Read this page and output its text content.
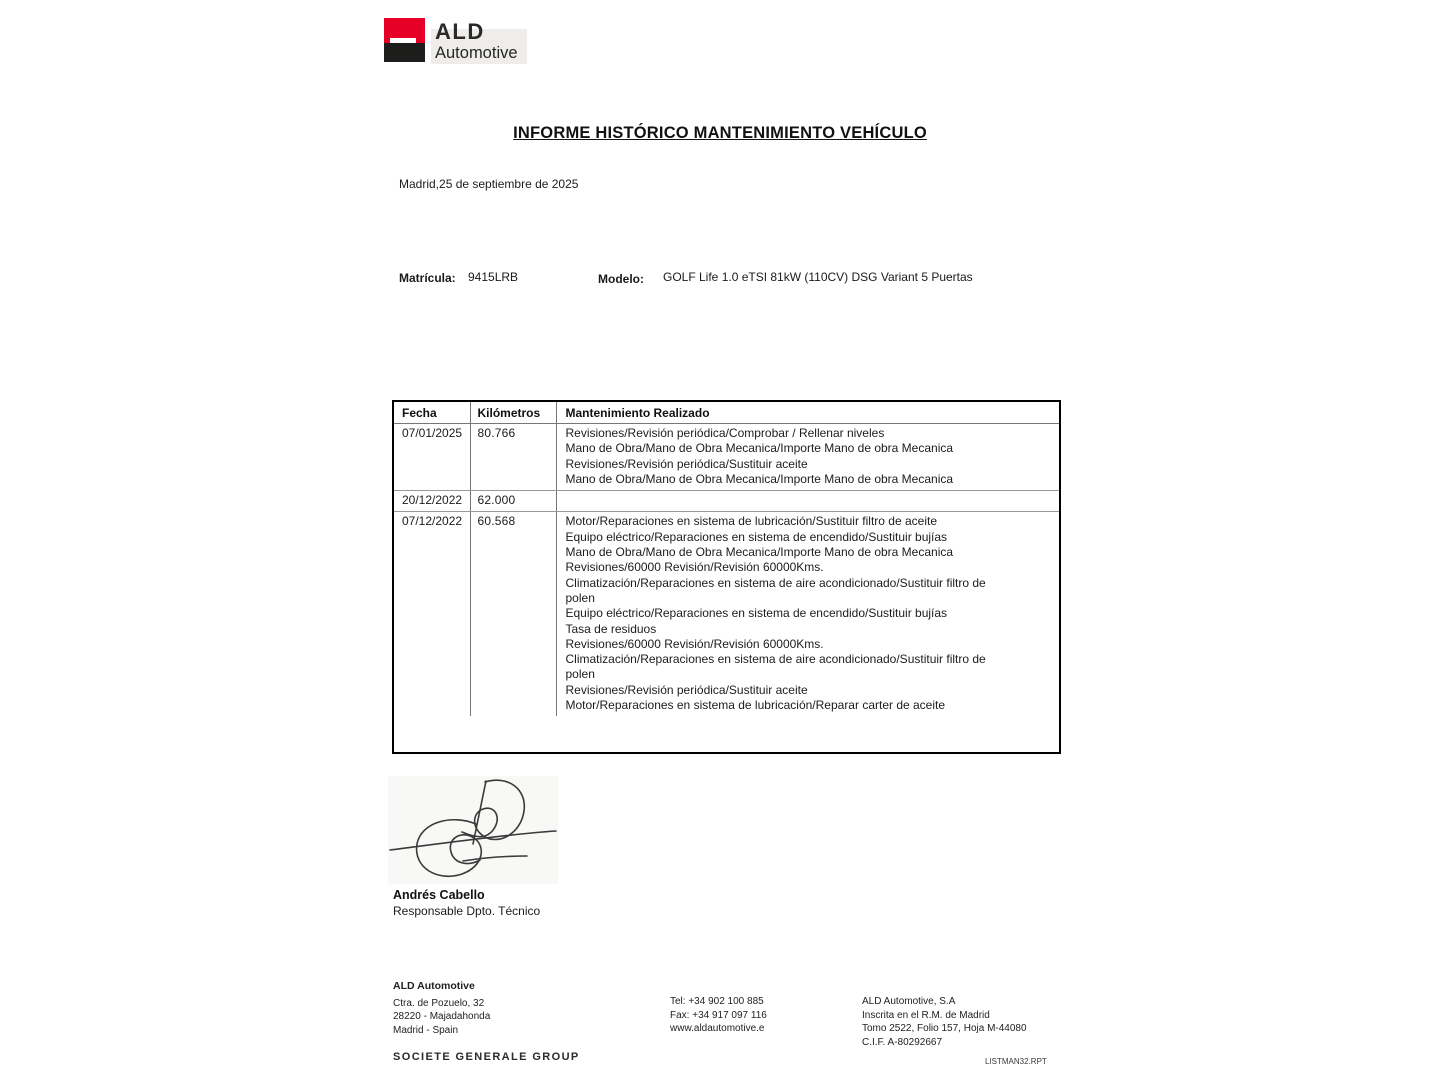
ALD
Automotive
INFORME HISTÓRICO MANTENIMIENTO VEHÍCULO
Madrid,25 de septiembre de 2025
Matrícula: 9415LRB	Modelo: GOLF Life 1.0 eTSI 81kW (110CV) DSG Variant 5 Puertas
Fecha	Kilómetros	Mantenimiento Realizado
07/01/2025	80.766	Revisiones/Revisión periódica/Comprobar / Rellenar niveles
Mano de Obra/Mano de Obra Mecanica/Importe Mano de obra Mecanica
Revisiones/Revisión periódica/Sustituir aceite
Mano de Obra/Mano de Obra Mecanica/Importe Mano de obra Mecanica

20/12/2022	62.000	
07/12/2022	60.568	Motor/Reparaciones en sistema de lubricación/Sustituir filtro de aceite
Equipo eléctrico/Reparaciones en sistema de encendido/Sustituir bujías
Mano de Obra/Mano de Obra Mecanica/Importe Mano de obra Mecanica
Revisiones/60000 Revisión/Revisión 60000Kms.
Climatización/Reparaciones en sistema de aire acondicionado/Sustituir filtro de polen
Equipo eléctrico/Reparaciones en sistema de encendido/Sustituir bujías
Tasa de residuos
Revisiones/60000 Revisión/Revisión 60000Kms.
Climatización/Reparaciones en sistema de aire acondicionado/Sustituir filtro de polen
Revisiones/Revisión periódica/Sustituir aceite
Motor/Reparaciones en sistema de lubricación/Reparar carter de aceite
Andrés Cabello
Responsable Dpto. Técnico
ALD Automotive
Ctra. de Pozuelo, 32
28220 - Majadahonda
Madrid - Spain
Tel: +34 902 100 885
Fax: +34 917 097 116
www.aldautomotive.e
ALD Automotive, S.A
Inscrita en el R.M. de Madrid
Tomo 2522, Folio 157, Hoja M-44080
C.I.F. A-80292667
SOCIETE GENERALE GROUP	LISTMAN32.RPT
